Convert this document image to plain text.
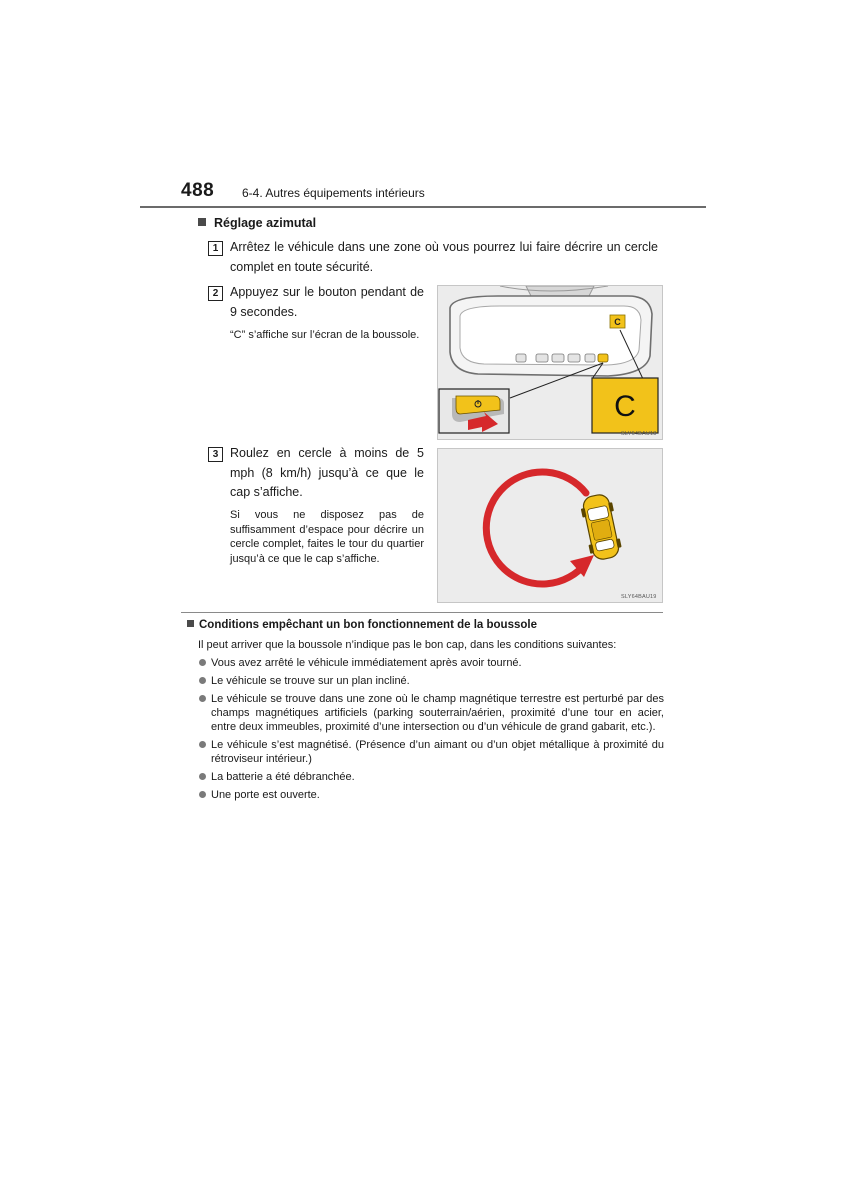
488 6-4. Autres équipements intérieurs
Réglage azimutal
1 Arrêtez le véhicule dans une zone où vous pourrez lui faire décrire un cercle complet en toute sécurité.
2 Appuyez sur le bouton pendant de 9 secondes.
“C” s’affiche sur l’écran de la boussole.
C
C
SLY64BAU18
3 Roulez en cercle à moins de 5 mph (8 km/h) jusqu’à ce que le cap s’affiche.
Si vous ne disposez pas de suffisamment d’espace pour décrire un cercle complet, faites le tour du quartier jusqu’à ce que le cap s’affiche.
SLY64BAU19
Conditions empêchant un bon fonctionnement de la boussole
Il peut arriver que la boussole n’indique pas le bon cap, dans les conditions suivantes:
Vous avez arrêté le véhicule immédiatement après avoir tourné.
Le véhicule se trouve sur un plan incliné.
Le véhicule se trouve dans une zone où le champ magnétique terrestre est perturbé par des champs magnétiques artificiels (parking souterrain/aérien, proximité d’une tour en acier, entre deux immeubles, proximité d’une intersection ou d’un véhicule de grand gabarit, etc.).
Le véhicule s’est magnétisé. (Présence d’un aimant ou d’un objet métallique à proximité du rétroviseur intérieur.)
La batterie a été débranchée.
Une porte est ouverte.
